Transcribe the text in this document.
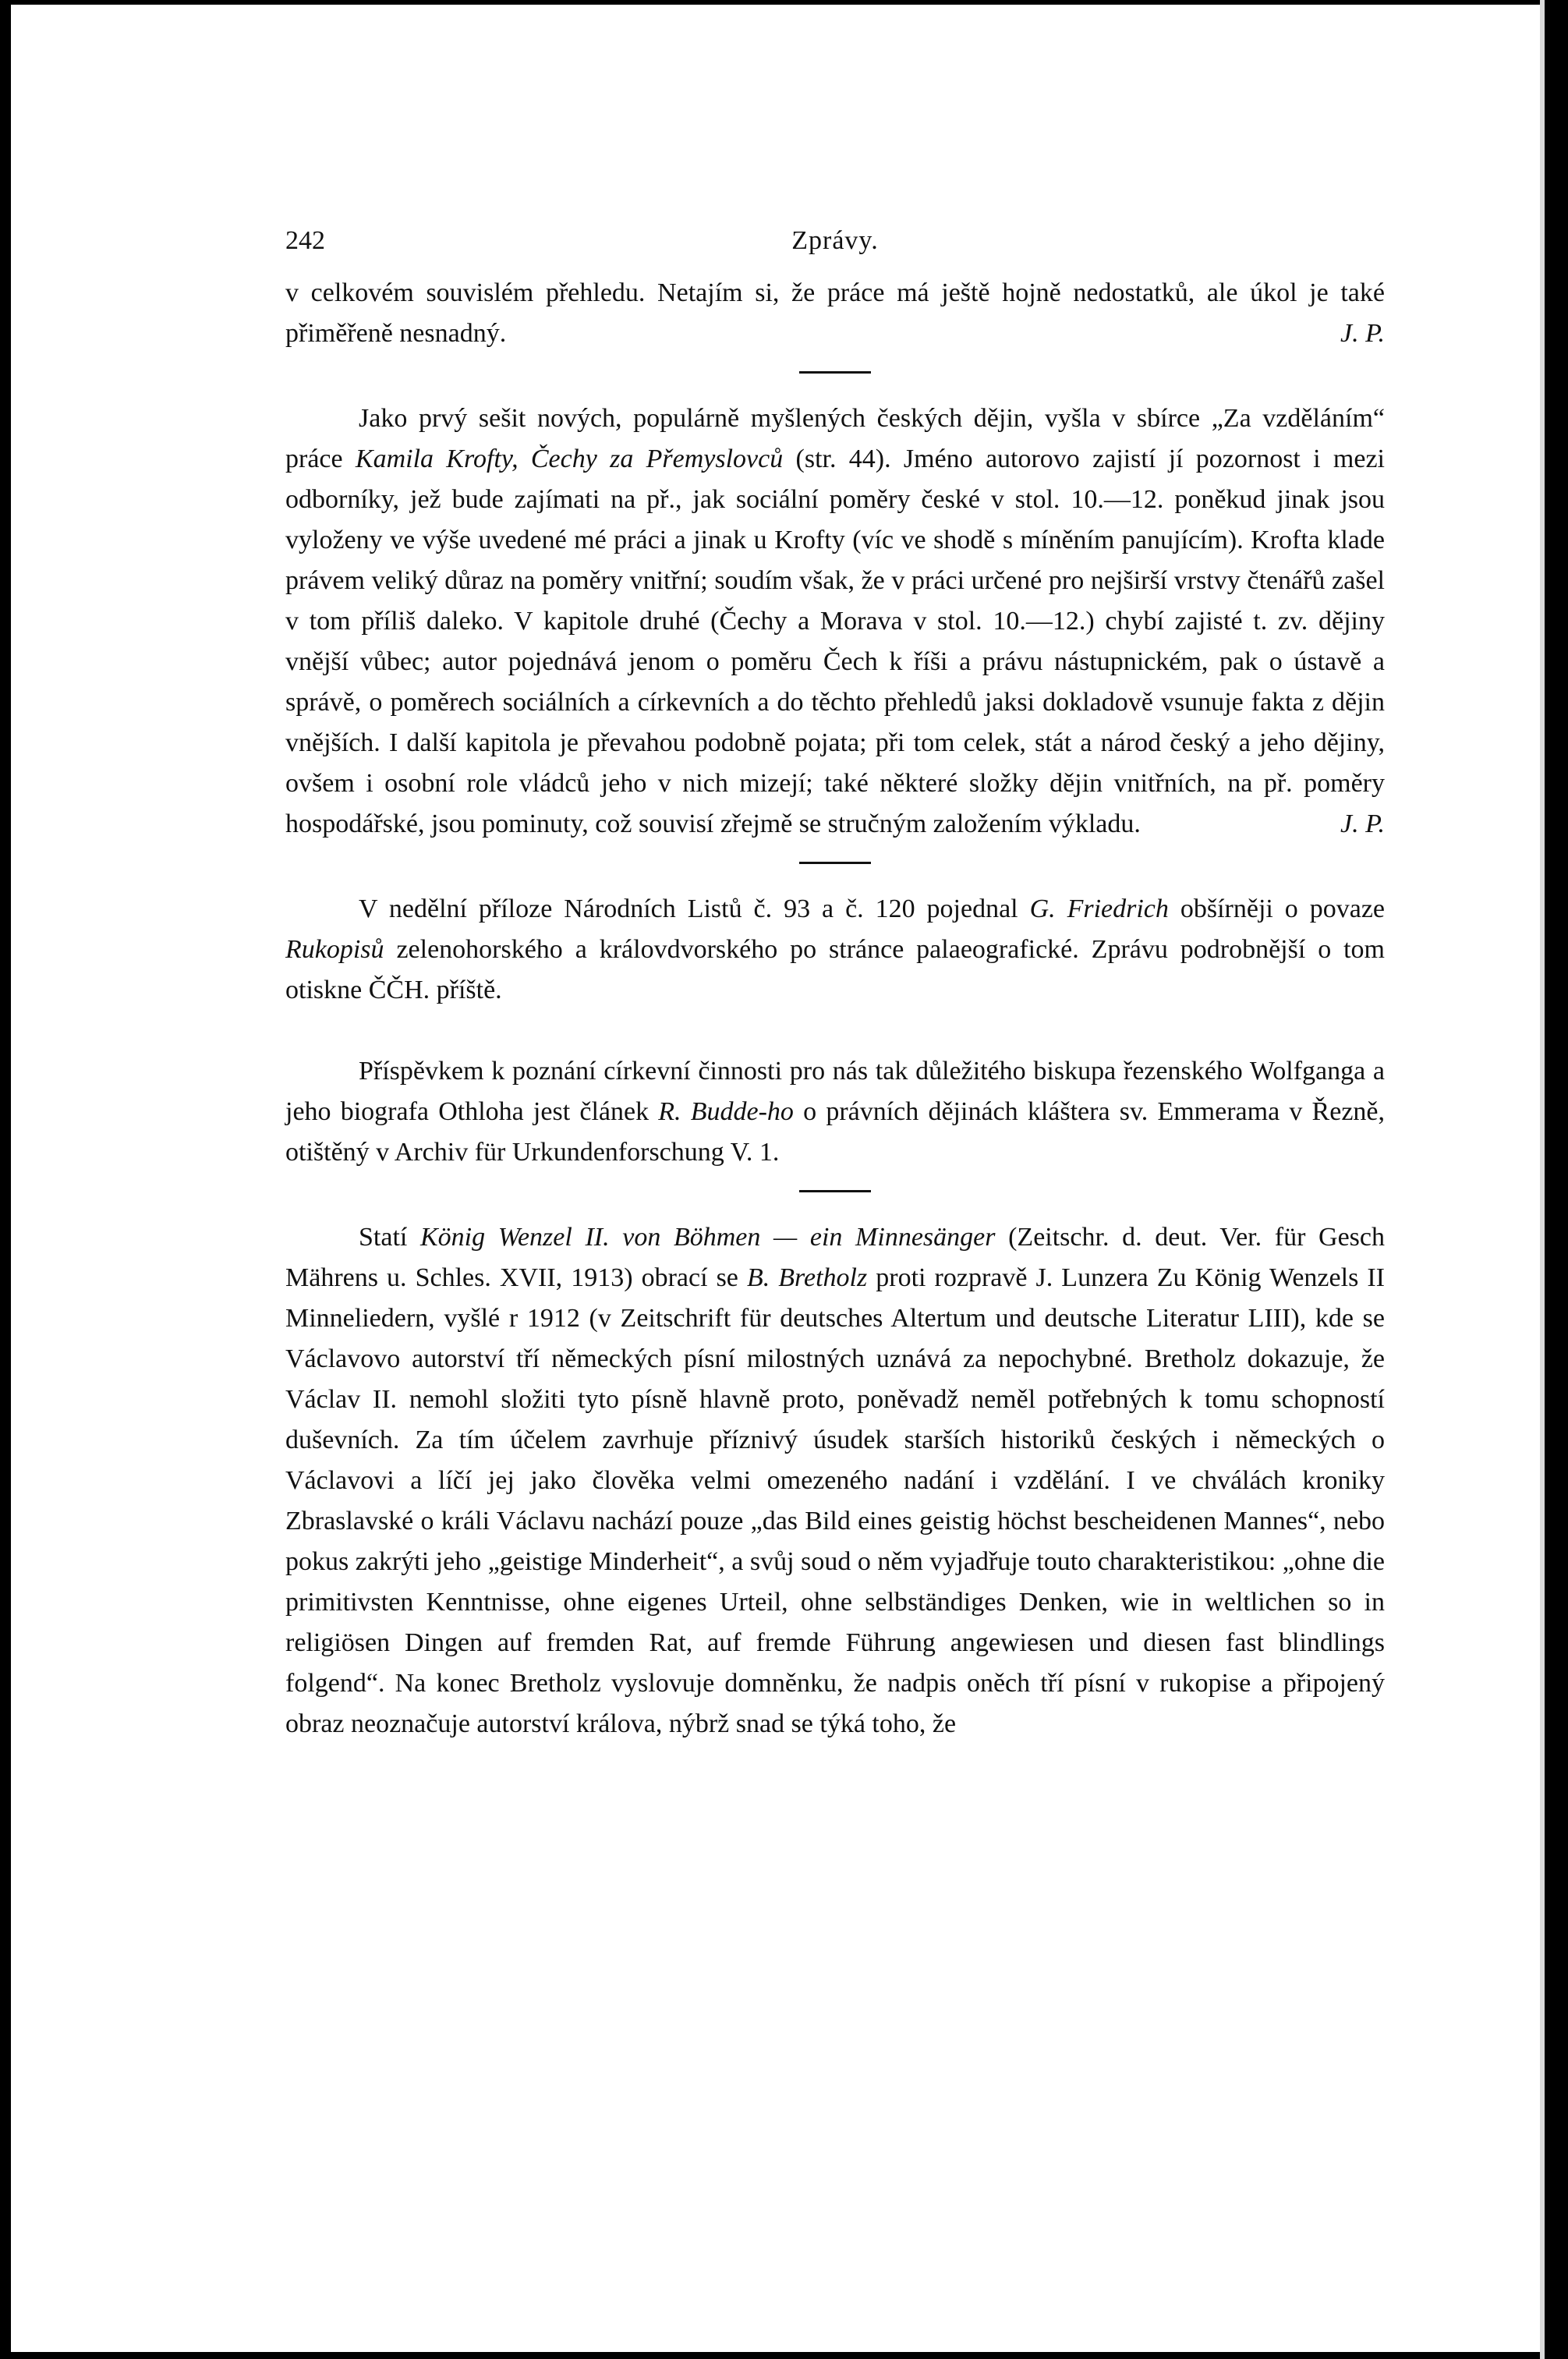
242	Zprávy.

v celkovém souvislém přehledu. Netajím si, že práce má ještě hojně nedostatků, ale úkol je také přiměřeně nesnadný.	J. P.

Jako prvý sešit nových, populárně myšlených českých dějin, vyšla v sbírce „Za vzděláním“ práce Kamila Krofty, Čechy za Přemyslovců (str. 44). Jméno autorovo zajistí jí pozornost i mezi odborníky, jež bude zajímati na př., jak sociální poměry české v stol. 10.—12. poněkud jinak jsou vyloženy ve výše uvedené mé práci a jinak u Krofty (víc ve shodě s míněním panujícím). Krofta klade právem veliký důraz na poměry vnitřní; soudím však, že v práci určené pro nejširší vrstvy čtenářů zašel v tom příliš daleko. V kapitole druhé (Čechy a Morava v stol. 10.—12.) chybí zajisté t. zv. dějiny vnější vůbec; autor pojednává jenom o poměru Čech k říši a právu nástupnickém, pak o ústavě a správě, o poměrech sociálních a církevních a do těchto přehledů jaksi dokladově vsunuje fakta z dějin vnějších. I další kapitola je převahou podobně pojata; při tom celek, stát a národ český a jeho dějiny, ovšem i osobní role vládců jeho v nich mizejí; také některé složky dějin vnitřních, na př. poměry hospodářské, jsou pominuty, což souvisí zřejmě se stručným založením výkladu.	J. P.

V nedělní příloze Národních Listů č. 93 a č. 120 pojednal G. Friedrich obšírněji o povaze Rukopisů zelenohorského a královdvorského po stránce palaeografické. Zprávu podrobnější o tom otiskne ČČH. příště.

Příspěvkem k poznání církevní činnosti pro nás tak důležitého biskupa řezenského Wolfganga a jeho biografa Othloha jest článek R. Budde-ho o právních dějinách kláštera sv. Emmerama v Řezně, otištěný v Archiv für Urkundenforschung V. 1.

Statí König Wenzel II. von Böhmen — ein Minnesänger (Zeitschr. d. deut. Ver. für Gesch Mährens u. Schles. XVII, 1913) obrací se B. Bretholz proti rozpravě J. Lunzera Zu König Wenzels II Minneliedern, vyšlé r 1912 (v Zeitschrift für deutsches Altertum und deutsche Literatur LIII), kde se Václavovo autorství tří německých písní milostných uznává za nepochybné. Bretholz dokazuje, že Václav II. nemohl složiti tyto písně hlavně proto, poněvadž neměl potřebných k tomu schopností duševních. Za tím účelem zavrhuje příznivý úsudek starších historiků českých i německých o Václavovi a líčí jej jako člověka velmi omezeného nadání i vzdělání. I ve chválách kroniky Zbraslavské o králi Václavu nachází pouze „das Bild eines geistig höchst bescheidenen Mannes“, nebo pokus zakrýti jeho „geistige Minderheit“, a svůj soud o něm vyjadřuje touto charakteristikou: „ohne die primitivsten Kenntnisse, ohne eigenes Urteil, ohne selbständiges Denken, wie in weltlichen so in religiösen Dingen auf fremden Rat, auf fremde Führung angewiesen und diesen fast blindlings folgend“. Na konec Bretholz vyslovuje domněnku, že nadpis oněch tří písní v rukopise a připojený obraz neoznačuje autorství králova, nýbrž snad se týká toho, že
